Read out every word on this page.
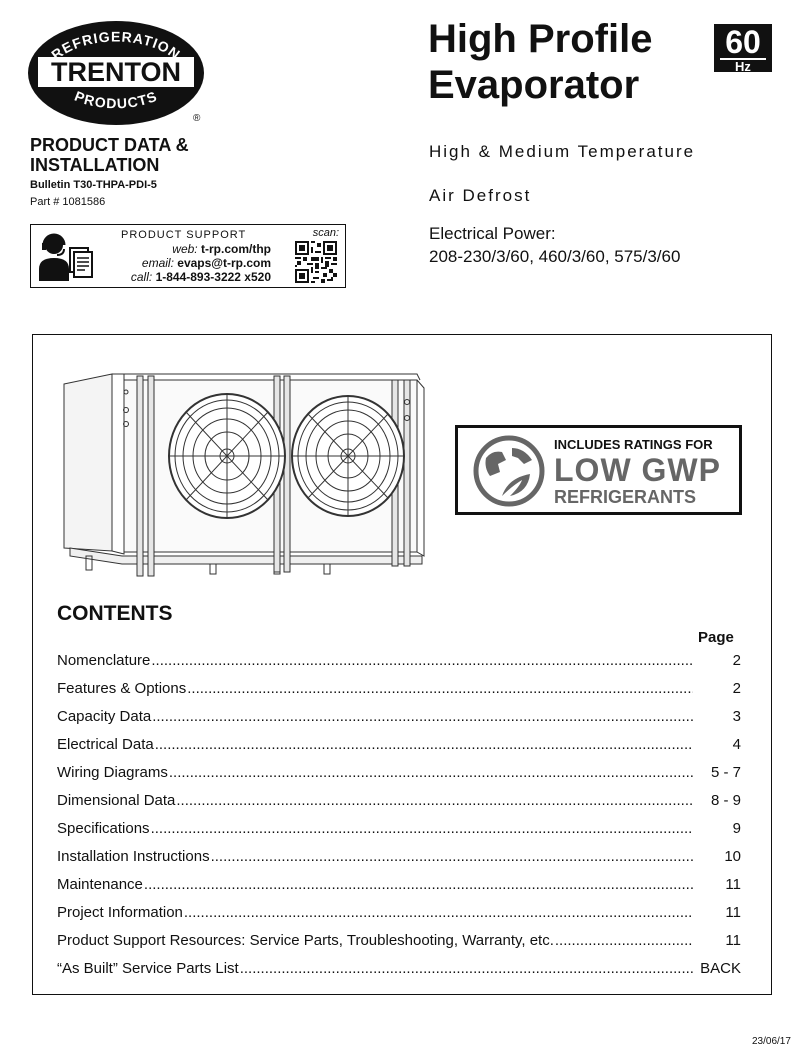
REFRIGERATION
TRENTON
PRODUCTS
®
High Profile
Evaporator
60
Hz
PRODUCT DATA &
INSTALLATION
Bulletin T30-THPA-PDI-5
Part # 1081586
PRODUCT SUPPORT
web: t-rp.com/thp
email: evaps@t-rp.com
call: 1-844-893-3222 x520
scan:
High & Medium Temperature
Air Defrost
Electrical Power:
208-230/3/60, 460/3/60, 575/3/60
INCLUDES RATINGS FOR
LOW GWP
REFRIGERANTS
CONTENTS
Page
Nomenclature .....	2
Features & Options .....	2
Capacity Data .....	3
Electrical Data .....	4
Wiring Diagrams .....	5 - 7
Dimensional Data .....	8 - 9
Specifications .....	9
Installation Instructions .....	10
Maintenance .....	11
Project Information .....	11
Product Support Resources: Service Parts, Troubleshooting, Warranty, etc. .....	11
“As Built” Service Parts List .....	BACK
23/06/17
